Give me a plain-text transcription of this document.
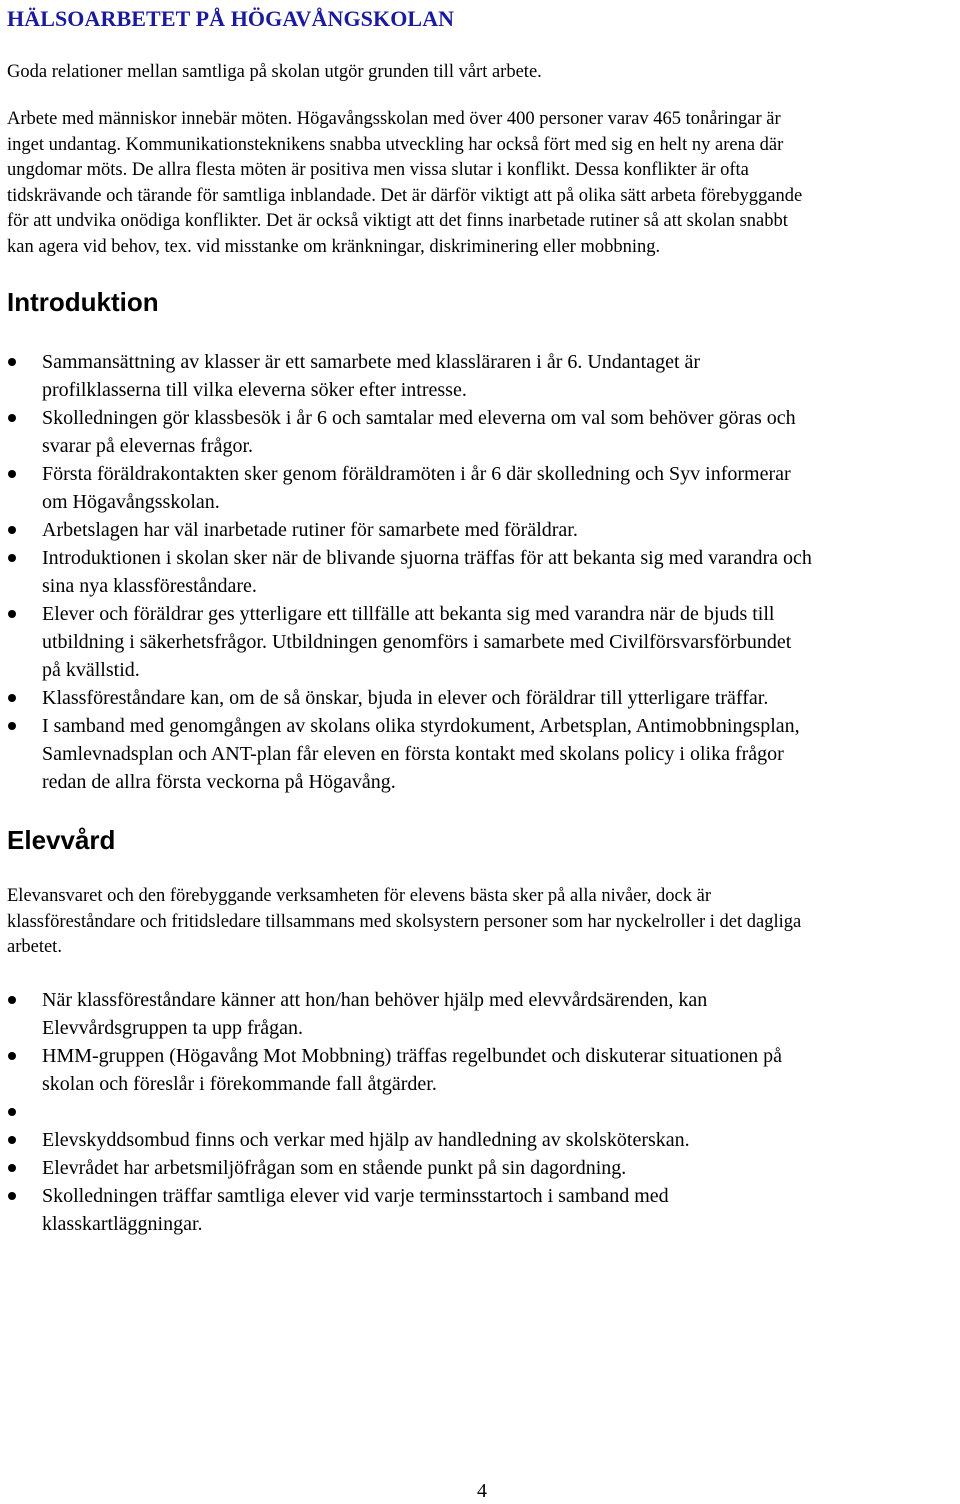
HÄLSOARBETET PÅ HÖGAVÅNGSKOLAN

Goda relationer mellan samtliga på skolan utgör grunden till vårt arbete.

Arbete med människor innebär möten. Högavångsskolan med över 400 personer varav 465 tonåringar är
inget undantag. Kommunikationsteknikens snabba utveckling har också fört med sig en helt ny arena där
ungdomar möts. De allra flesta möten är positiva men vissa slutar i konflikt. Dessa konflikter är ofta
tidskrävande och tärande för samtliga inblandade. Det är därför viktigt att på olika sätt arbeta förebyggande
för att undvika onödiga konflikter. Det är också viktigt att det finns inarbetade rutiner så att skolan snabbt
kan agera vid behov, tex. vid misstanke om kränkningar, diskriminering eller mobbning.

Introduktion
Sammansättning av klasser är ett samarbete med klassläraren i år 6. Undantaget är
profilklasserna till vilka eleverna söker efter intresse.
Skolledningen gör klassbesök i år 6 och samtalar med eleverna om val som behöver göras och
svarar på elevernas frågor.
Första föräldrakontakten sker genom föräldramöten i år 6 där skolledning och Syv informerar
om Högavångsskolan.
Arbetslagen har väl inarbetade rutiner för samarbete med föräldrar.
Introduktionen i skolan sker när de blivande sjuorna träffas för att bekanta sig med varandra och
sina nya klassföreståndare.
Elever och föräldrar ges ytterligare ett tillfälle att bekanta sig med varandra när de bjuds till
utbildning i säkerhetsfrågor. Utbildningen genomförs i samarbete med Civilförsvarsförbundet
på kvällstid.
Klassföreståndare kan, om de så önskar, bjuda in elever och föräldrar till ytterligare träffar.
I samband med genomgången av skolans olika styrdokument, Arbetsplan, Antimobbningsplan,
Samlevnadsplan och ANT-plan får eleven en första kontakt med skolans policy i olika frågor
redan de allra första veckorna på Högavång.
Elevvård

Elevansvaret och den förebyggande verksamheten för elevens bästa sker på alla nivåer, dock är
klassföreståndare och fritidsledare tillsammans med skolsystern personer som har nyckelroller i det dagliga
arbetet.

När klassföreståndare känner att hon/han behöver hjälp med elevvårdsärenden, kan
Elevvårdsgruppen ta upp frågan.
HMM-gruppen (Högavång Mot Mobbning) träffas regelbundet och diskuterar situationen på
skolan och föreslår i förekommande fall åtgärder.
Elevskyddsombud finns och verkar med hjälp av handledning av skolsköterskan.
Elevrådet har arbetsmiljöfrågan som en stående punkt på sin dagordning.
Skolledningen träffar samtliga elever vid varje terminsstartoch i samband med
klasskartläggningar.

4
